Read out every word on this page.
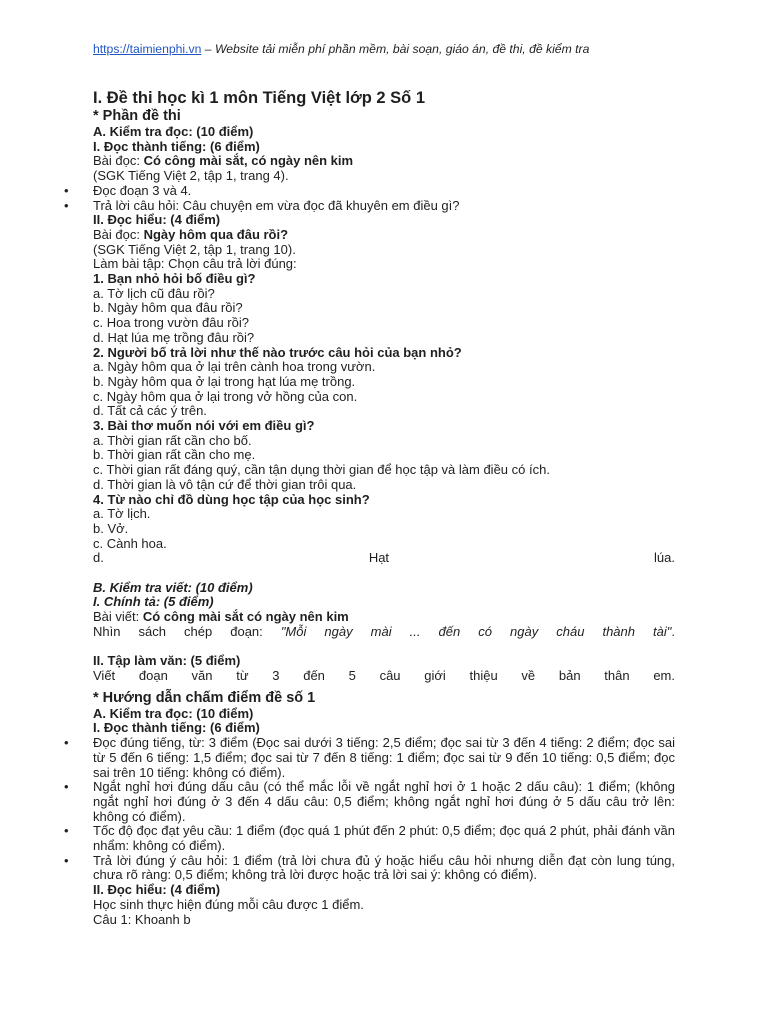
https://taimienphi.vn – Website tải miễn phí phần mềm, bài soạn, giáo án, đề thi, đề kiểm tra
I. Đề thi học kì 1 môn Tiếng Việt lớp 2 Số 1
* Phần đề thi
A. Kiểm tra đọc: (10 điểm)
I. Đọc thành tiếng: (6 điểm)
Bài đọc: Có công mài sắt, có ngày nên kim
(SGK Tiếng Việt 2, tập 1, trang 4).
• Đọc đoạn 3 và 4.
• Trả lời câu hỏi: Câu chuyện em vừa đọc đã khuyên em điều gì?
II. Đọc hiểu: (4 điểm)
Bài đọc: Ngày hôm qua đâu rồi?
(SGK Tiếng Việt 2, tập 1, trang 10).
Làm bài tập: Chọn câu trả lời đúng:
1. Bạn nhỏ hỏi bố điều gì?
a. Tờ lịch cũ đâu rồi?
b. Ngày hôm qua đâu rồi?
c. Hoa trong vườn đâu rồi?
d. Hạt lúa mẹ trồng đâu rồi?
2. Người bố trả lời như thế nào trước câu hỏi của bạn nhỏ?
a. Ngày hôm qua ở lại trên cành hoa trong vườn.
b. Ngày hôm qua ở lại trong hạt lúa mẹ trồng.
c. Ngày hôm qua ở lại trong vở hồng của con.
d. Tất cả các ý trên.
3. Bài thơ muốn nói với em điều gì?
a. Thời gian rất cần cho bố.
b. Thời gian rất cần cho mẹ.
c. Thời gian rất đáng quý, cần tận dụng thời gian để học tập và làm điều có ích.
d. Thời gian là vô tận cứ để thời gian trôi qua.
4. Từ nào chỉ đồ dùng học tập của học sinh?
a. Tờ lịch.
b. Vở.
c. Cành hoa.
d.	Hạt	lúa.
B. Kiểm tra viết: (10 điểm)
I. Chính tả: (5 điểm)
Bài viết: Có công mài sắt có ngày nên kim
Nhìn sách chép đoạn: "Mỗi ngày mài ... đến có ngày cháu thành tài".
II. Tập làm văn: (5 điểm)
Viết đoạn văn từ 3 đến 5 câu giới thiệu về bản thân em.
* Hướng dẫn chấm điểm đề số 1
A. Kiểm tra đọc: (10 điểm)
I. Đọc thành tiếng: (6 điểm)
• Đọc đúng tiếng, từ: 3 điểm (Đọc sai dưới 3 tiếng: 2,5 điểm; đọc sai từ 3 đến 4 tiếng: 2 điểm; đọc sai từ 5 đến 6 tiếng: 1,5 điểm; đọc sai từ 7 đến 8 tiếng: 1 điểm; đọc sai từ 9 đến 10 tiếng: 0,5 điểm; đọc sai trên 10 tiếng: không có điểm).
• Ngắt nghỉ hơi đúng dấu câu (có thể mắc lỗi về ngắt nghỉ hơi ở 1 hoặc 2 dấu câu): 1 điểm; (không ngắt nghỉ hơi đúng ở 3 đến 4 dấu câu: 0,5 điểm; không ngắt nghỉ hơi đúng ở 5 dấu câu trở lên: không có điểm).
• Tốc độ đọc đạt yêu cầu: 1 điểm (đọc quá 1 phút đến 2 phút: 0,5 điểm; đọc quá 2 phút, phải đánh vần nhẩm: không có điểm).
• Trả lời đúng ý câu hỏi: 1 điểm (trả lời chưa đủ ý hoặc hiểu câu hỏi nhưng diễn đạt còn lung túng, chưa rõ ràng: 0,5 điểm; không trả lời được hoặc trả lời sai ý: không có điểm).
II. Đọc hiểu: (4 điểm)
Học sinh thực hiện đúng mỗi câu được 1 điểm.
Câu 1: Khoanh b
